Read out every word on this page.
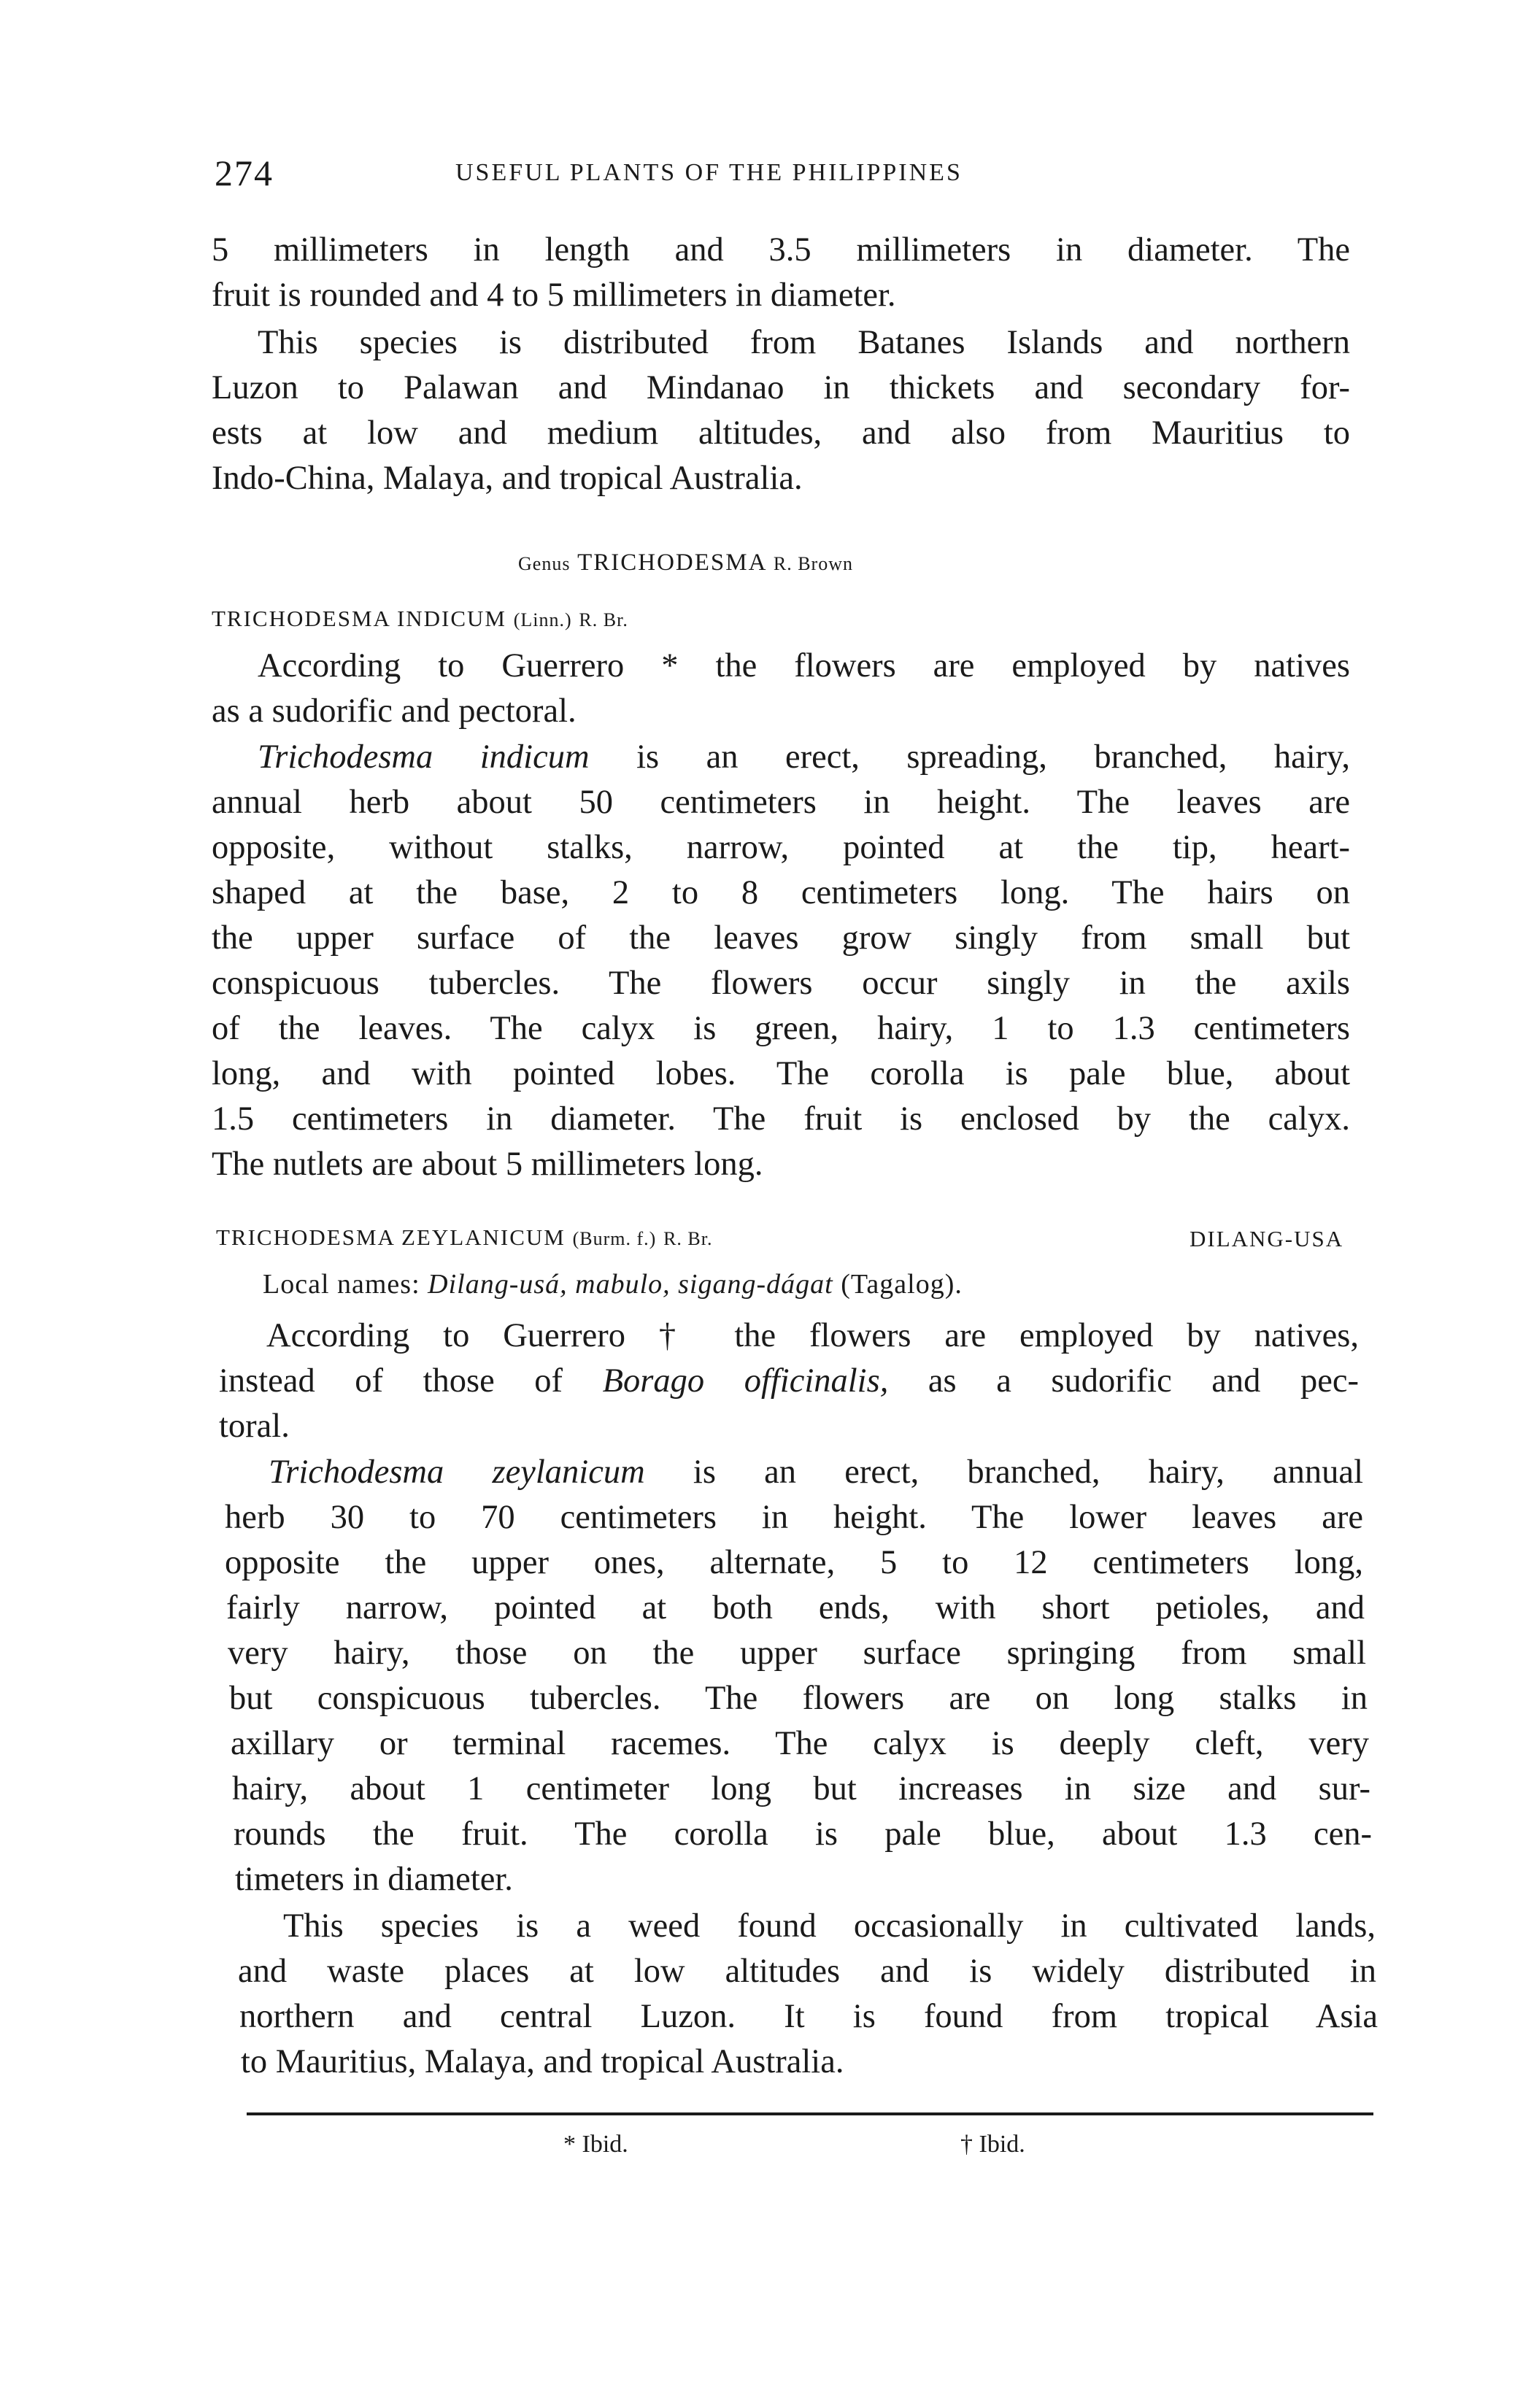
274	USEFUL PLANTS OF THE PHILIPPINES
5 millimeters in length and 3.5 millimeters in diameter. The
fruit is rounded and 4 to 5 millimeters in diameter.
This species is distributed from Batanes Islands and northern
Luzon to Palawan and Mindanao in thickets and secondary for-
ests at low and medium altitudes, and also from Mauritius to
Indo-China, Malaya, and tropical Australia.
Genus TRICHODESMA R. Brown
TRICHODESMA INDICUM (Linn.) R. Br.
According to Guerrero * the flowers are employed by natives
as a sudorific and pectoral.
Trichodesma indicum is an erect, spreading, branched, hairy,
annual herb about 50 centimeters in height. The leaves are
opposite, without stalks, narrow, pointed at the tip, heart-
shaped at the base, 2 to 8 centimeters long. The hairs on
the upper surface of the leaves grow singly from small but
conspicuous tubercles. The flowers occur singly in the axils
of the leaves. The calyx is green, hairy, 1 to 1.3 centimeters
long, and with pointed lobes. The corolla is pale blue, about
1.5 centimeters in diameter. The fruit is enclosed by the calyx.
The nutlets are about 5 millimeters long.
TRICHODESMA ZEYLANICUM (Burm. f.) R. Br.	DILANG-USA
Local names: Dilang-usá, mabulo, sigang-dágat (Tagalog).
According to Guerrero † the flowers are employed by natives,
instead of those of Borago officinalis, as a sudorific and pec-
toral.
Trichodesma zeylanicum is an erect, branched, hairy, annual
herb 30 to 70 centimeters in height. The lower leaves are
opposite the upper ones, alternate, 5 to 12 centimeters long,
fairly narrow, pointed at both ends, with short petioles, and
very hairy, those on the upper surface springing from small
but conspicuous tubercles. The flowers are on long stalks in
axillary or terminal racemes. The calyx is deeply cleft, very
hairy, about 1 centimeter long but increases in size and sur-
rounds the fruit. The corolla is pale blue, about 1.3 cen-
timeters in diameter.
This species is a weed found occasionally in cultivated lands,
and waste places at low altitudes and is widely distributed in
northern and central Luzon. It is found from tropical Asia
to Mauritius, Malaya, and tropical Australia.
* Ibid.	† Ibid.
